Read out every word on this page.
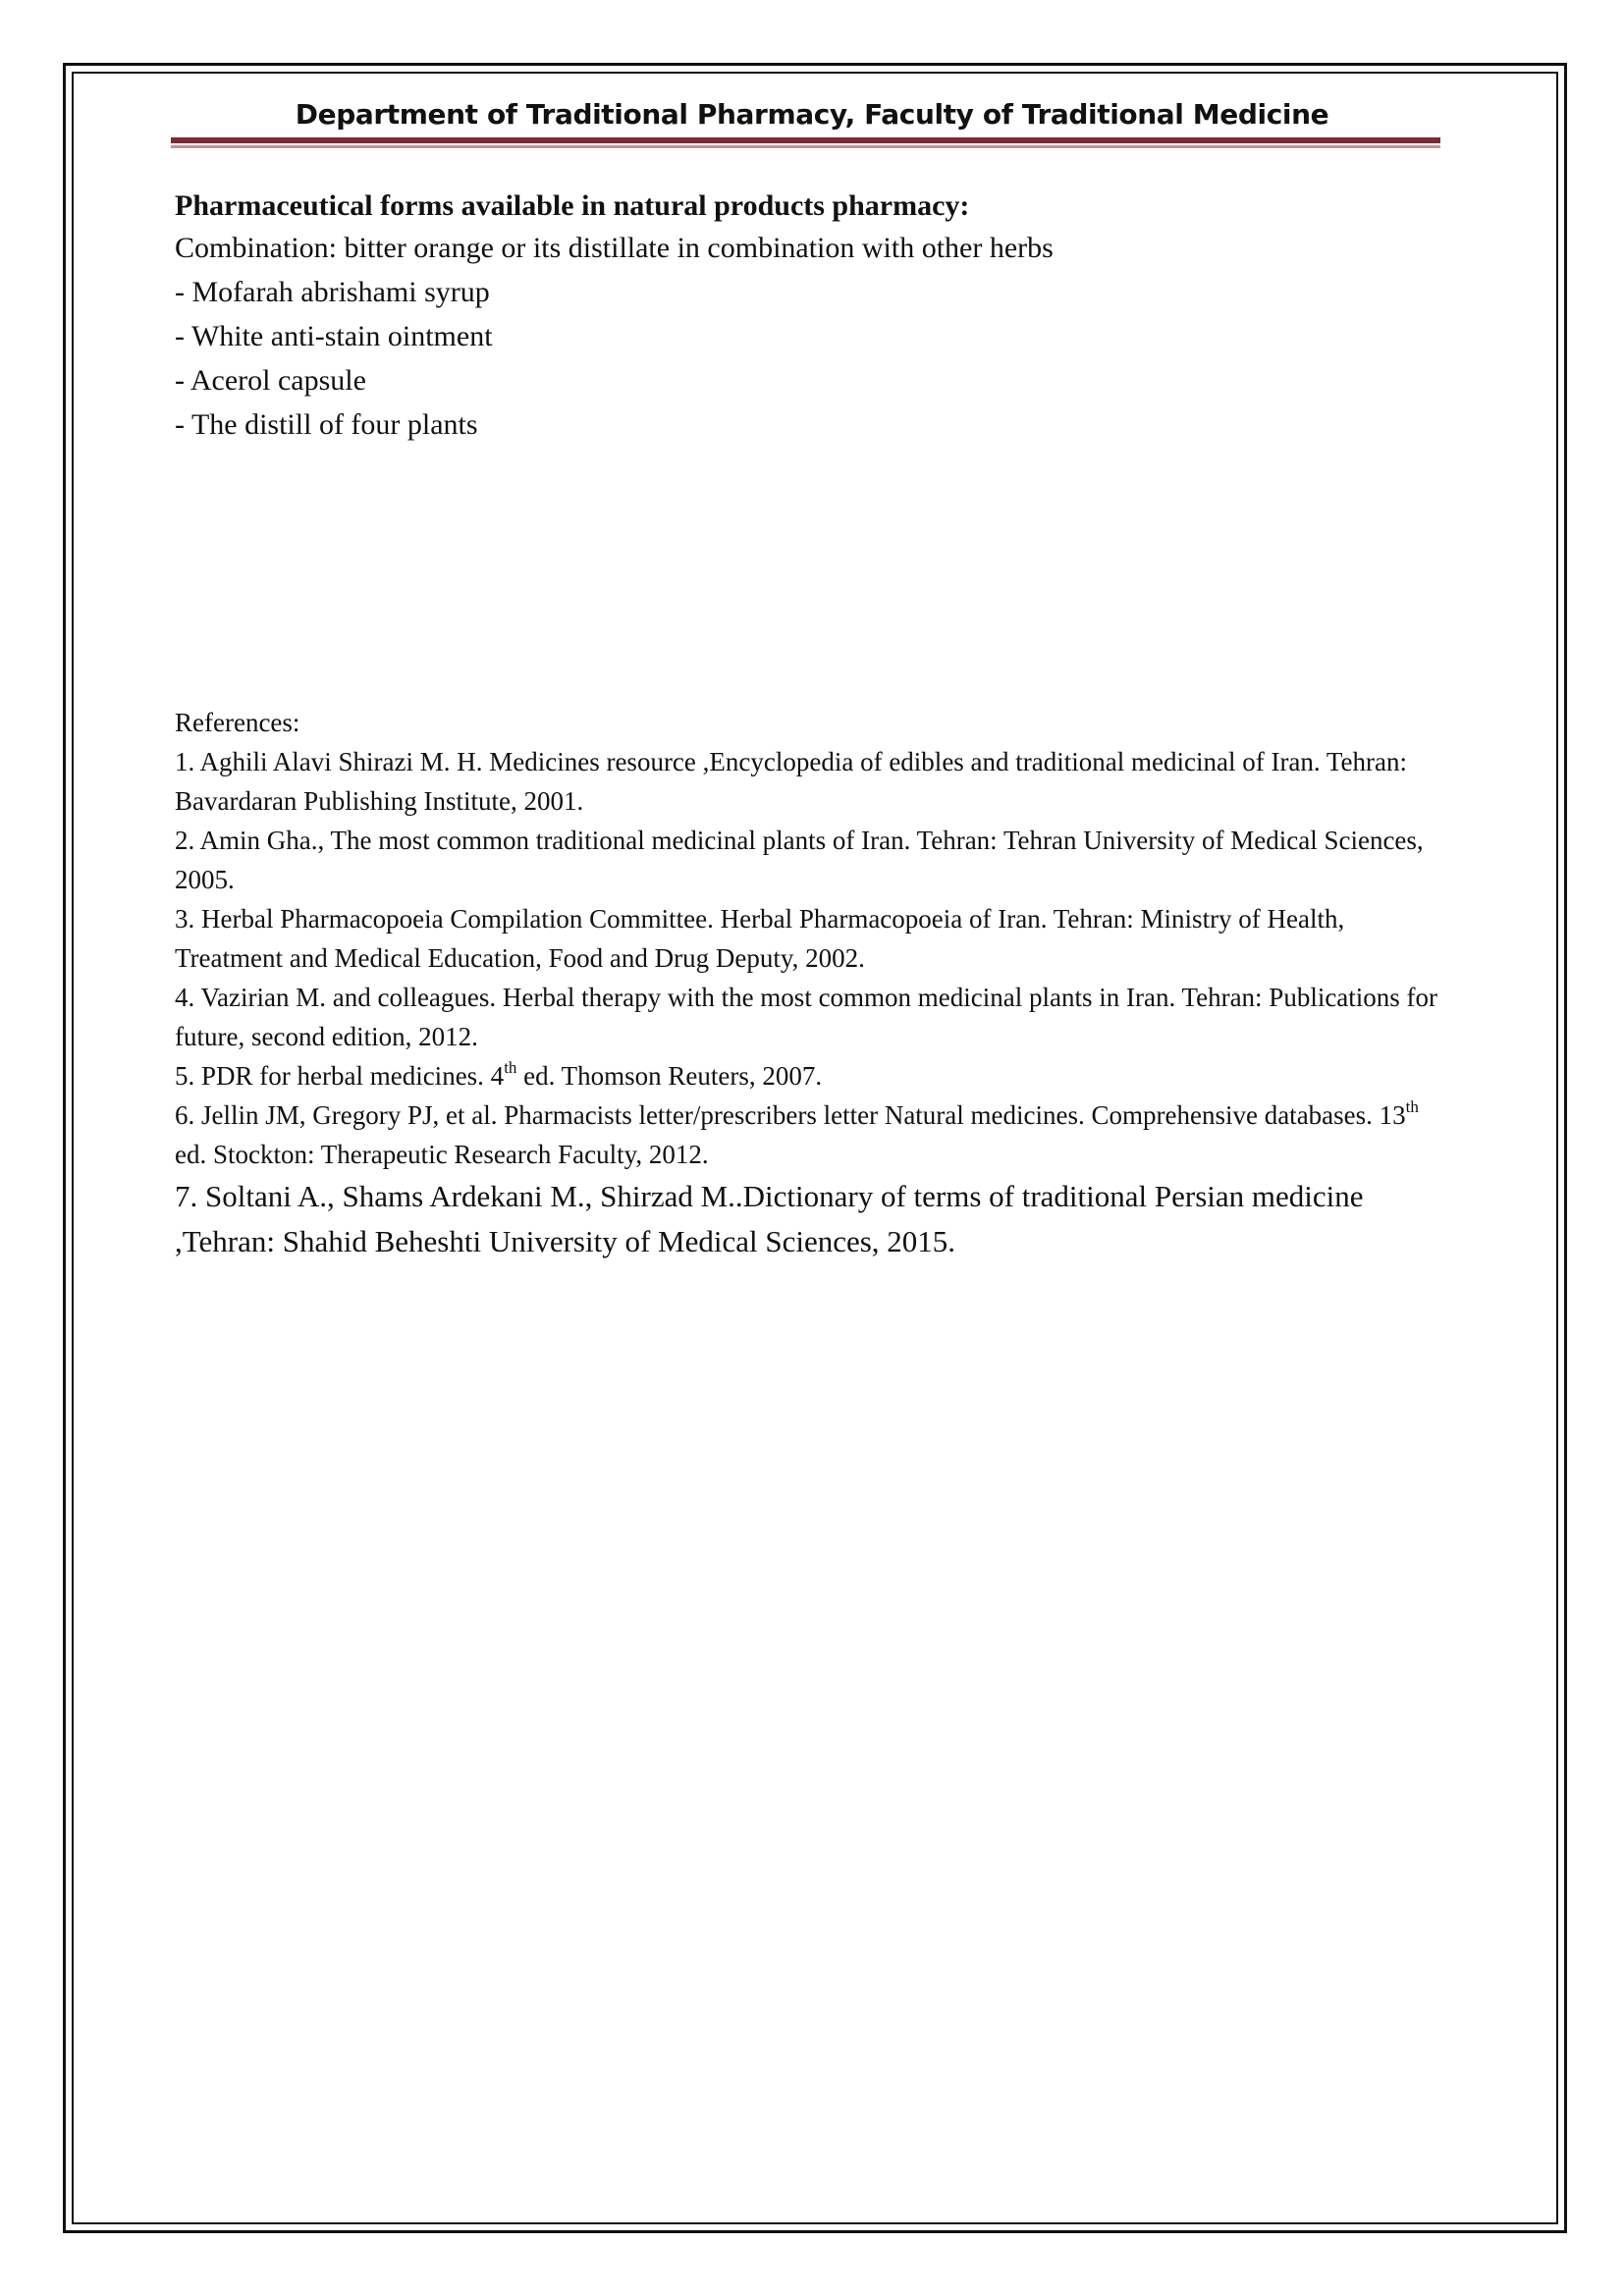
Department of Traditional Pharmacy, Faculty of Traditional Medicine

Pharmaceutical forms available in natural products pharmacy:

Combination: bitter orange or its distillate in combination with other herbs

- Mofarah abrishami syrup

- White anti-stain ointment

- Acerol capsule

- The distill of four plants

References:

1. Aghili Alavi Shirazi M. H. Medicines resource ,Encyclopedia of edibles and traditional medicinal of Iran. Tehran: Bavardaran Publishing Institute, 2001.

2. Amin Gha., The most common traditional medicinal plants of Iran. Tehran: Tehran University of Medical Sciences, 2005.

3. Herbal Pharmacopoeia Compilation Committee. Herbal Pharmacopoeia of Iran. Tehran: Ministry of Health, Treatment and Medical Education, Food and Drug Deputy, 2002.

4. Vazirian M. and colleagues. Herbal therapy with the most common medicinal plants in Iran. Tehran: Publications for future, second edition, 2012.

5. PDR for herbal medicines. 4th ed. Thomson Reuters, 2007.

6. Jellin JM, Gregory PJ, et al. Pharmacists letter/prescribers letter Natural medicines. Comprehensive databases. 13th ed. Stockton: Therapeutic Research Faculty, 2012.

7. Soltani A., Shams Ardekani M., Shirzad M..Dictionary of terms of traditional Persian medicine ,Tehran: Shahid Beheshti University of Medical Sciences, 2015.
